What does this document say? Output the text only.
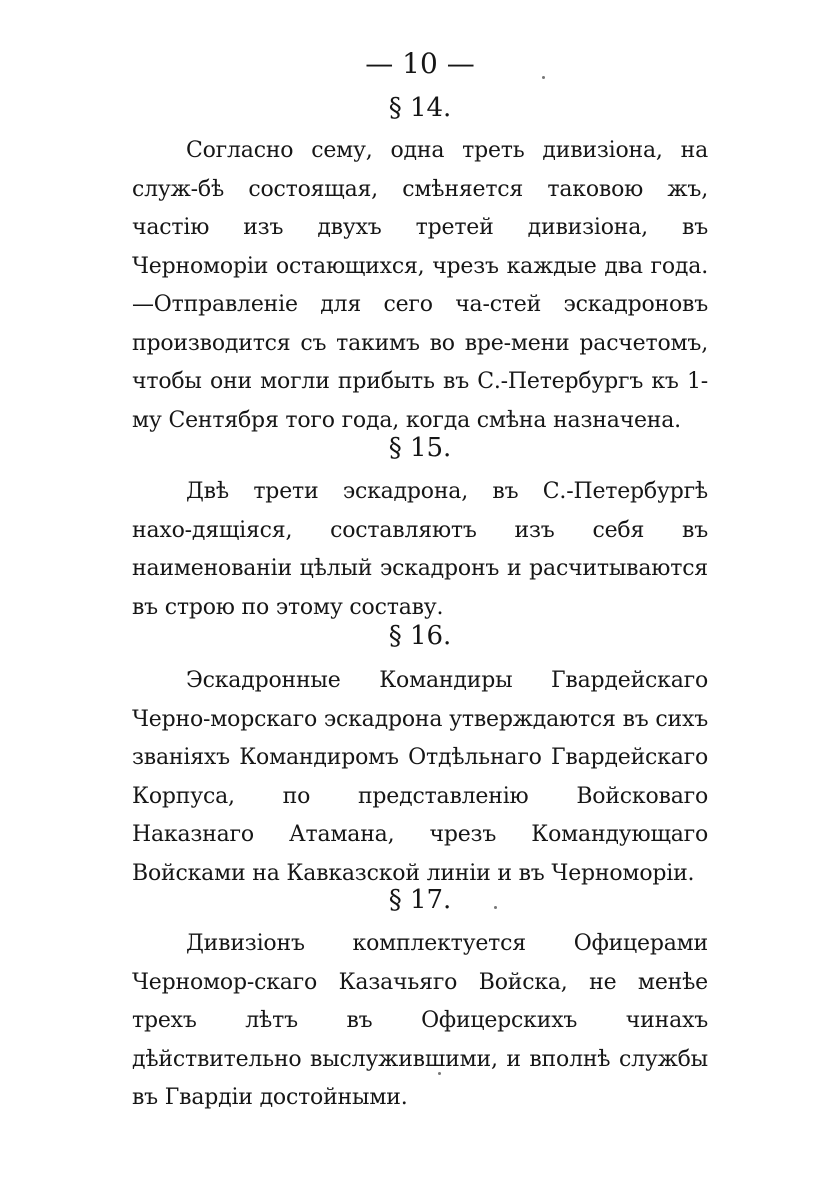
— 10 —
§ 14.

Согласно сему, одна треть дивизіона, на служ-бѣ состоящая, смѣняется таковою жъ, частію изъ двухъ третей дивизіона, въ Черноморіи остающихся, чрезъ каждые два года.—Отправленіе для сего ча-стей эскадроновъ производится съ такимъ во вре-мени расчетомъ, чтобы они могли прибыть въ С.-Петербургъ къ 1-му Сентября того года, когда смѣна назначена.

§ 15.

Двѣ трети эскадрона, въ С.-Петербургѣ нахо-дящіяся, составляютъ изъ себя въ наименованіи цѣлый эскадронъ и расчитываются въ строю по этому составу.

§ 16.

Эскадронные Командиры Гвардейскаго Черно-морскаго эскадрона утверждаются въ сихъ званіяхъ Командиромъ Отдѣльнаго Гвардейскаго Корпуса, по представленію Войсковаго Наказнаго Атамана, чрезъ Командующаго Войсками на Кавказской линіи и въ Черноморіи.

§ 17.

Дивизіонъ комплектуется Офицерами Черномор-скаго Казачьяго Войска, не менѣе трехъ лѣтъ въ Офицерскихъ чинахъ дѣйствительно выслужившими, и вполнѣ службы въ Гвардіи достойными.
